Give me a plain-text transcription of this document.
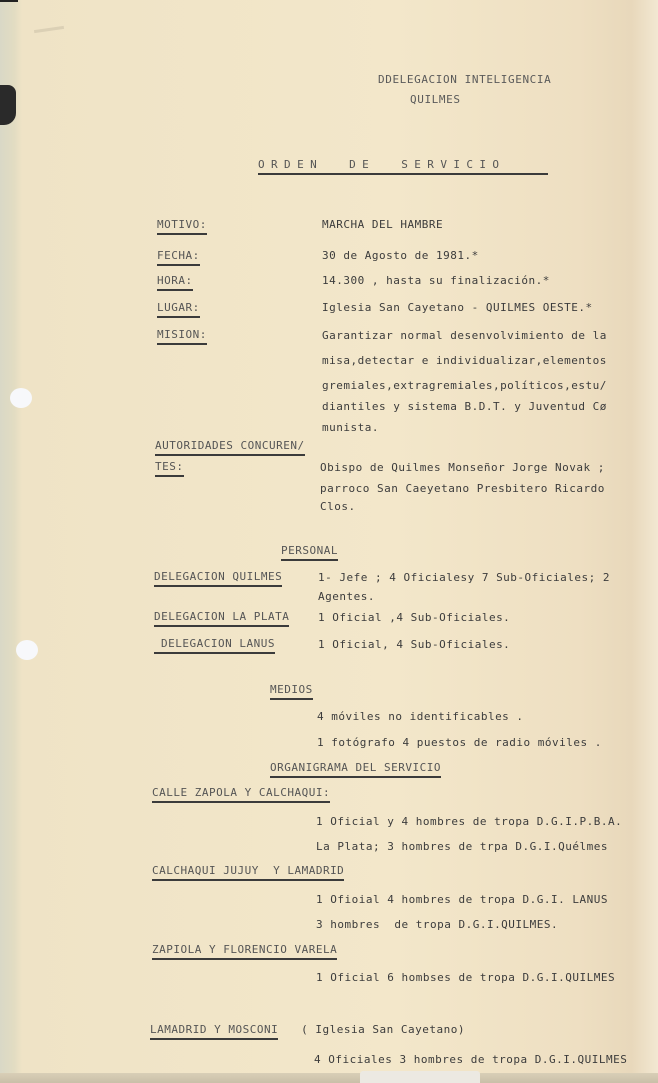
DDELEGACION INTELIGENCIA
QUILMES
ORDEN  DE  SERVICIO
MOTIVO:	MARCHA DEL HAMBRE
FECHA:	30 de Agosto de 1981.*
HORA:	14.300 , hasta su finalización.*
LUGAR:	Iglesia San Cayetano - QUILMES OESTE.*
MISION:	Garantizar normal desenvolvimiento de la
misa,detectar e individualizar,elementos
gremiales,extragremiales,políticos,estu/
diantiles y sistema B.D.T. y Juventud Cø
munista.
AUTORIDADES CONCUREN/
TES:	Obispo de Quilmes Monseñor Jorge Novak ;
parroco San Caeyetano Presbitero Ricardo
Clos.
PERSONAL
DELEGACION QUILMES	1- Jefe ; 4 Oficialesy 7 Sub-Oficiales; 2
Agentes.
DELEGACION LA PLATA	1 Oficial ,4 Sub-Oficiales.
DELEGACION LANUS	1 Oficial, 4 Sub-Oficiales.
MEDIOS
4 móviles no identificables .
1 fotógrafo 4 puestos de radio móviles .
ORGANIGRAMA DEL SERVICIO
CALLE ZAPOLA Y CALCHAQUI:
1 Oficial y 4 hombres de tropa D.G.I.P.B.A.
La Plata; 3 hombres de trpa D.G.I.Quélmes
CALCHAQUI JUJUY  Y LAMADRID
1 Ofioial 4 hombres de tropa D.G.I. LANUS
3 hombres  de tropa D.G.I.QUILMES.
ZAPIOLA Y FLORENCIO VARELA
1 Oficial 6 hombses de tropa D.G.I.QUILMES
LAMADRID Y MOSCONI ( Iglesia San Cayetano)
4 Oficiales 3 hombres de tropa D.G.I.QUILMES
